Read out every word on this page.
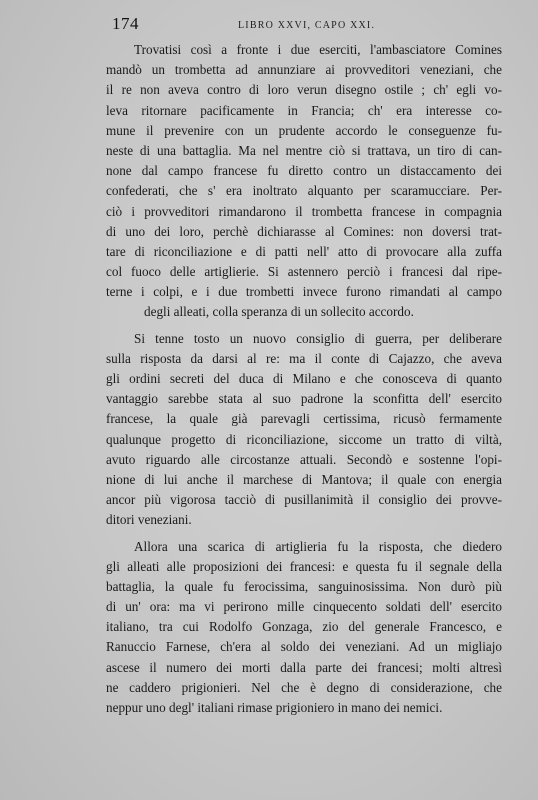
174	LIBRO XXVI, CAPO XXI.
Trovatisi così a fronte i due eserciti, l'ambasciatore Comines
mandò un trombetta ad annunziare ai provveditori veneziani, che
il re non aveva contro di loro verun disegno ostile ; ch' egli vo-
leva ritornare pacificamente in Francia; ch' era interesse co-
mune il prevenire con un prudente accordo le conseguenze fu-
neste di una battaglia. Ma nel mentre ciò si trattava, un tiro di can-
none dal campo francese fu diretto contro un distaccamento dei
confederati, che s' era inoltrato alquanto per scaramucciare. Per-
ciò i provveditori rimandarono il trombetta francese in compagnia
di uno dei loro, perchè dichiarasse al Comines: non doversi trat-
tare di riconciliazione e di patti nell' atto di provocare alla zuffa
col fuoco delle artiglierie. Si astennero perciò i francesi dal ripe-
terne i colpi, e i due trombetti invece furono rimandati al campo
degli alleati, colla speranza di un sollecito accordo.
Si tenne tosto un nuovo consiglio di guerra, per deliberare
sulla risposta da darsi al re: ma il conte di Cajazzo, che aveva
gli ordini secreti del duca di Milano e che conosceva di quanto
vantaggio sarebbe stata al suo padrone la sconfitta dell' esercito
francese, la quale già parevagli certissima, ricusò fermamente
qualunque progetto di riconciliazione, siccome un tratto di viltà,
avuto riguardo alle circostanze attuali. Secondò e sostenne l'opi-
nione di lui anche il marchese di Mantova; il quale con energia
ancor più vigorosa tacciò di pusillanimità il consiglio dei provve-
ditori veneziani.
Allora una scarica di artiglieria fu la risposta, che diedero
gli alleati alle proposizioni dei francesi: e questa fu il segnale della
battaglia, la quale fu ferocissima, sanguinosissima. Non durò più
di un' ora: ma vi perirono mille cinquecento soldati dell' esercito
italiano, tra cui Rodolfo Gonzaga, zio del generale Francesco, e
Ranuccio Farnese, ch'era al soldo dei veneziani. Ad un migliajo
ascese il numero dei morti dalla parte dei francesi; molti altresì
ne caddero prigionieri. Nel che è degno di considerazione, che
neppur uno degl' italiani rimase prigioniero in mano dei nemici.
